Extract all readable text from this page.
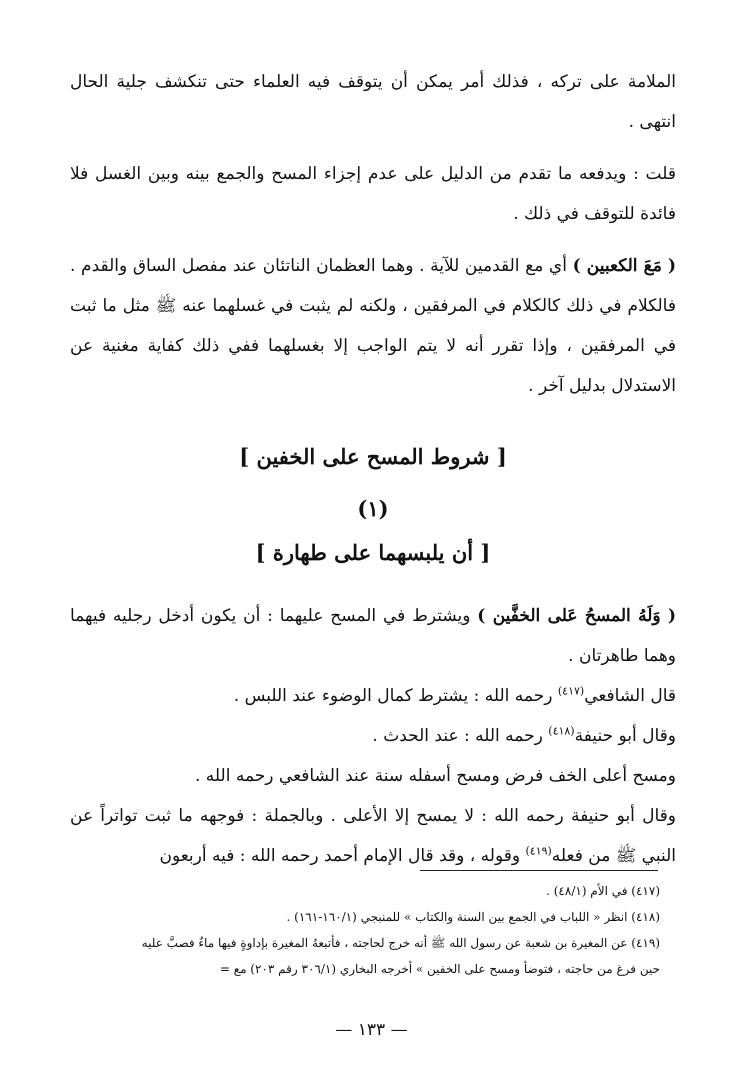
الملامة على تركه ، فذلك أمر يمكن أن يتوقف فيه العلماء حتى تنكشف جلية الحال انتهى .

قلت : ويدفعه ما تقدم من الدليل على عدم إجزاء المسح والجمع بينه وبين الغسل فلا فائدة للتوقف في ذلك .

( مَعَ الكعبين ) أي مع القدمين للآية . وهما العظمان الناتئان عند مفصل الساق والقدم . فالكلام في ذلك كالكلام في المرفقين ، ولكنه لم يثبت في غسلهما عنه ﷺ مثل ما ثبت في المرفقين ، وإذا تقرر أنه لا يتم الواجب إلا بغسلهما ففي ذلك كفاية مغنية عن الاستدلال بدليل آخر .

[ شروط المسح على الخفين ]
(١)
[ أن يلبسهما على طهارة ]

( وَلَهُ المسحُ عَلى الخفَّين ) ويشترط في المسح عليهما : أن يكون أدخل رجليه فيهما وهما طاهرتان .

قال الشافعي$^{(٤١٧)}$ رحمه الله : يشترط كمال الوضوء عند اللبس .

وقال أبو حنيفة$^{(٤١٨)}$ رحمه الله : عند الحدث .

ومسح أعلى الخف فرض ومسح أسفله سنة عند الشافعي رحمه الله .

وقال أبو حنيفة رحمه الله : لا يمسح إلا الأعلى . وبالجملة : فوجهه ما ثبت تواتراً عن النبي ﷺ من فعله$^{(٤١٩)}$ وقوله ، وقد قال الإمام أحمد رحمه الله : فيه أربعون

(٤١٧) في الأم (٤٨/١) .

(٤١٨) انظر « اللباب في الجمع بين السنة والكتاب » للمنبجي (١٦٠/١-١٦١) .

(٤١٩) عن المغيرة بن شعبة عن رسول الله ﷺ أنه خرج لحاجته ، فأتبعهُ المغيرة بإداوةٍ فيها ماءٌ فصبَّ عليه

حين فرغ من حاجته ، فتوضأ ومسح على الخفين » أخرجه البخاري (٣٠٦/١ رقم ٢٠٣) مع =

— ١٣٣ —
